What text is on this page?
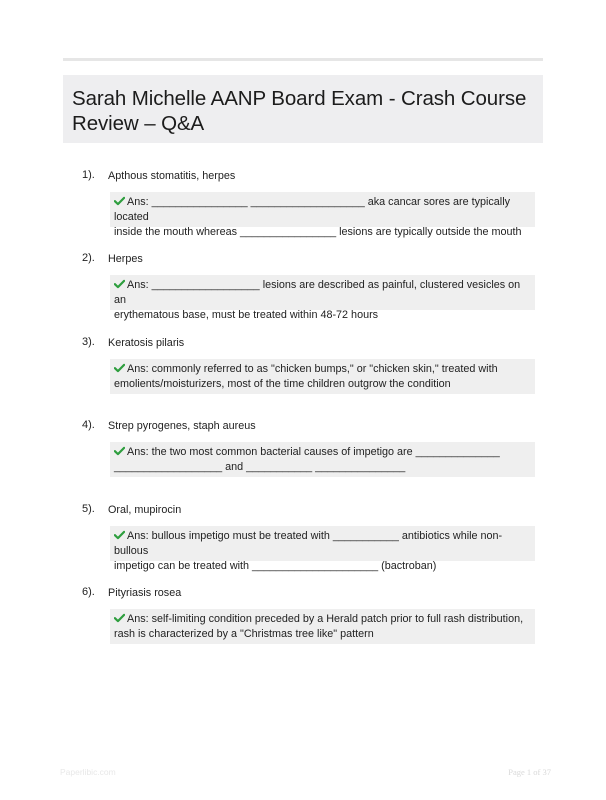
Sarah Michelle AANP Board Exam - Crash Course Review – Q&A
1). Apthous stomatitis, herpes
Ans: ________________ ___________________ aka cancar sores are typically located
inside the mouth whereas ________________ lesions are typically outside the mouth
2). Herpes
Ans: __________________ lesions are described as painful, clustered vesicles on an
erythematous base, must be treated within 48-72 hours
3). Keratosis pilaris
Ans: commonly referred to as "chicken bumps," or "chicken skin," treated with
emolients/moisturizers, most of the time children outgrow the condition
4). Strep pyrogenes, staph aureus
Ans: the two most common bacterial causes of impetigo are ______________
__________________ and ___________ _______________
5). Oral, mupirocin
Ans: bullous impetigo must be treated with ___________ antibiotics while non-bullous
impetigo can be treated with _____________________ (bactroban)
6). Pityriasis rosea
Ans: self-limiting condition preceded by a Herald patch prior to full rash distribution,
rash is characterized by a "Christmas tree like" pattern
Paperlibic.com	Page 1 of 37
